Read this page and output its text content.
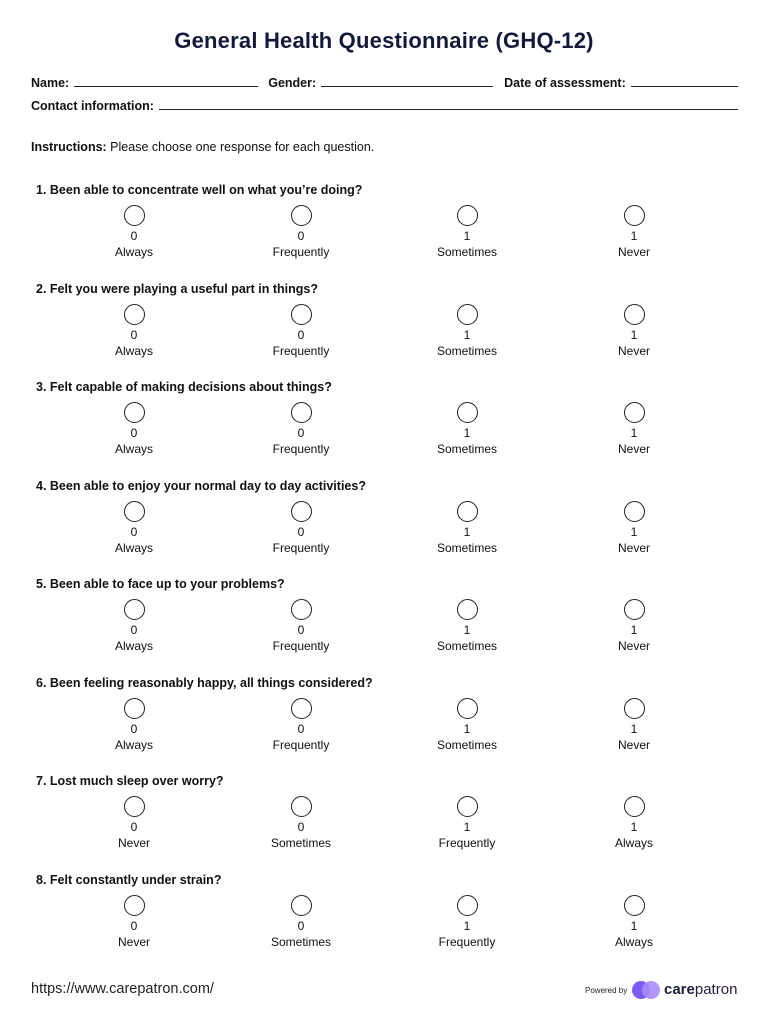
General Health Questionnaire (GHQ-12)
Name:	Gender:	Date of assessment:
Contact information:
Instructions: Please choose one response for each question.
1. Been able to concentrate well on what you’re doing?
0
Always
0
Frequently
1
Sometimes
1
Never
2. Felt you were playing a useful part in things?
0
Always
0
Frequently
1
Sometimes
1
Never
3. Felt capable of making decisions about things?
0
Always
0
Frequently
1
Sometimes
1
Never
4. Been able to enjoy your normal day to day activities?
0
Always
0
Frequently
1
Sometimes
1
Never
5. Been able to face up to your problems?
0
Always
0
Frequently
1
Sometimes
1
Never
6. Been feeling reasonably happy, all things considered?
0
Always
0
Frequently
1
Sometimes
1
Never
7. Lost much sleep over worry?
0
Never
0
Sometimes
1
Frequently
1
Always
8. Felt constantly under strain?
0
Never
0
Sometimes
1
Frequently
1
Always
https://www.carepatron.com/	Powered by carepatron
